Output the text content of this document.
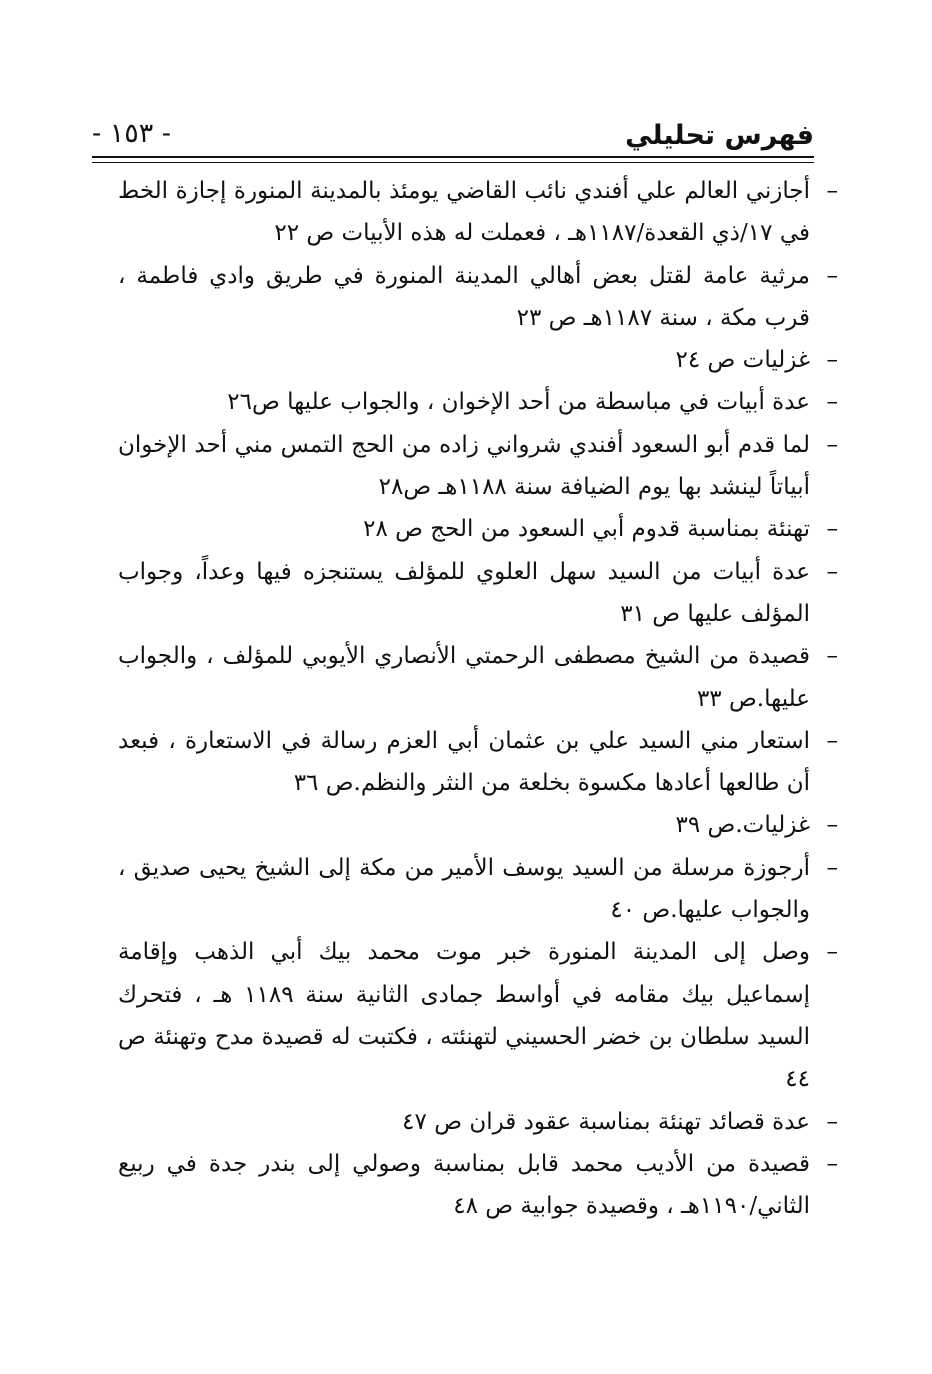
فهرس تحليلي
- ١٥٣ -
–
أجازني العالم علي أفندي نائب القاضي يومئذ بالمدينة المنورة إجازة الخط في ١٧/ذي القعدة/١١٨٧هـ ، فعملت له هذه الأبيات ص ٢٢
–
مرثية عامة لقتل بعض أهالي المدينة المنورة في طريق وادي فاطمة ، قرب مكة ، سنة ١١٨٧هـ ص ٢٣
–
غزليات ص ٢٤
–
عدة أبيات في مباسطة من أحد الإخوان ، والجواب عليها ص٢٦
–
لما قدم أبو السعود أفندي شرواني زاده من الحج التمس مني أحد الإخوان أبياتاً لينشد بها يوم الضيافة سنة ١١٨٨هـ ص٢٨
–
تهنئة بمناسبة قدوم أبي السعود من الحج ص ٢٨
–
عدة أبيات من السيد سهل العلوي للمؤلف يستنجزه فيها وعداً، وجواب المؤلف عليها ص ٣١
–
قصيدة من الشيخ مصطفى الرحمتي الأنصاري الأيوبي للمؤلف ، والجواب عليها.ص ٣٣
–
استعار مني السيد علي بن عثمان أبي العزم رسالة في الاستعارة ، فبعد أن طالعها أعادها مكسوة بخلعة من النثر والنظم.ص ٣٦
–
غزليات.ص ٣٩
–
أرجوزة مرسلة من السيد يوسف الأمير من مكة إلى الشيخ يحيى صديق ، والجواب عليها.ص ٤٠
–
وصل إلى المدينة المنورة خبر موت محمد بيك أبي الذهب وإقامة إسماعيل بيك مقامه في أواسط جمادى الثانية سنة ١١٨٩ هـ ، فتحرك السيد سلطان بن خضر الحسيني لتهنئته ، فكتبت له قصيدة مدح وتهنئة ص ٤٤
–
عدة قصائد تهنئة بمناسبة عقود قران ص ٤٧
–
قصيدة من الأديب محمد قابل بمناسبة وصولي إلى بندر جدة في ربيع الثاني/١١٩٠هـ ، وقصيدة جوابية ص ٤٨
